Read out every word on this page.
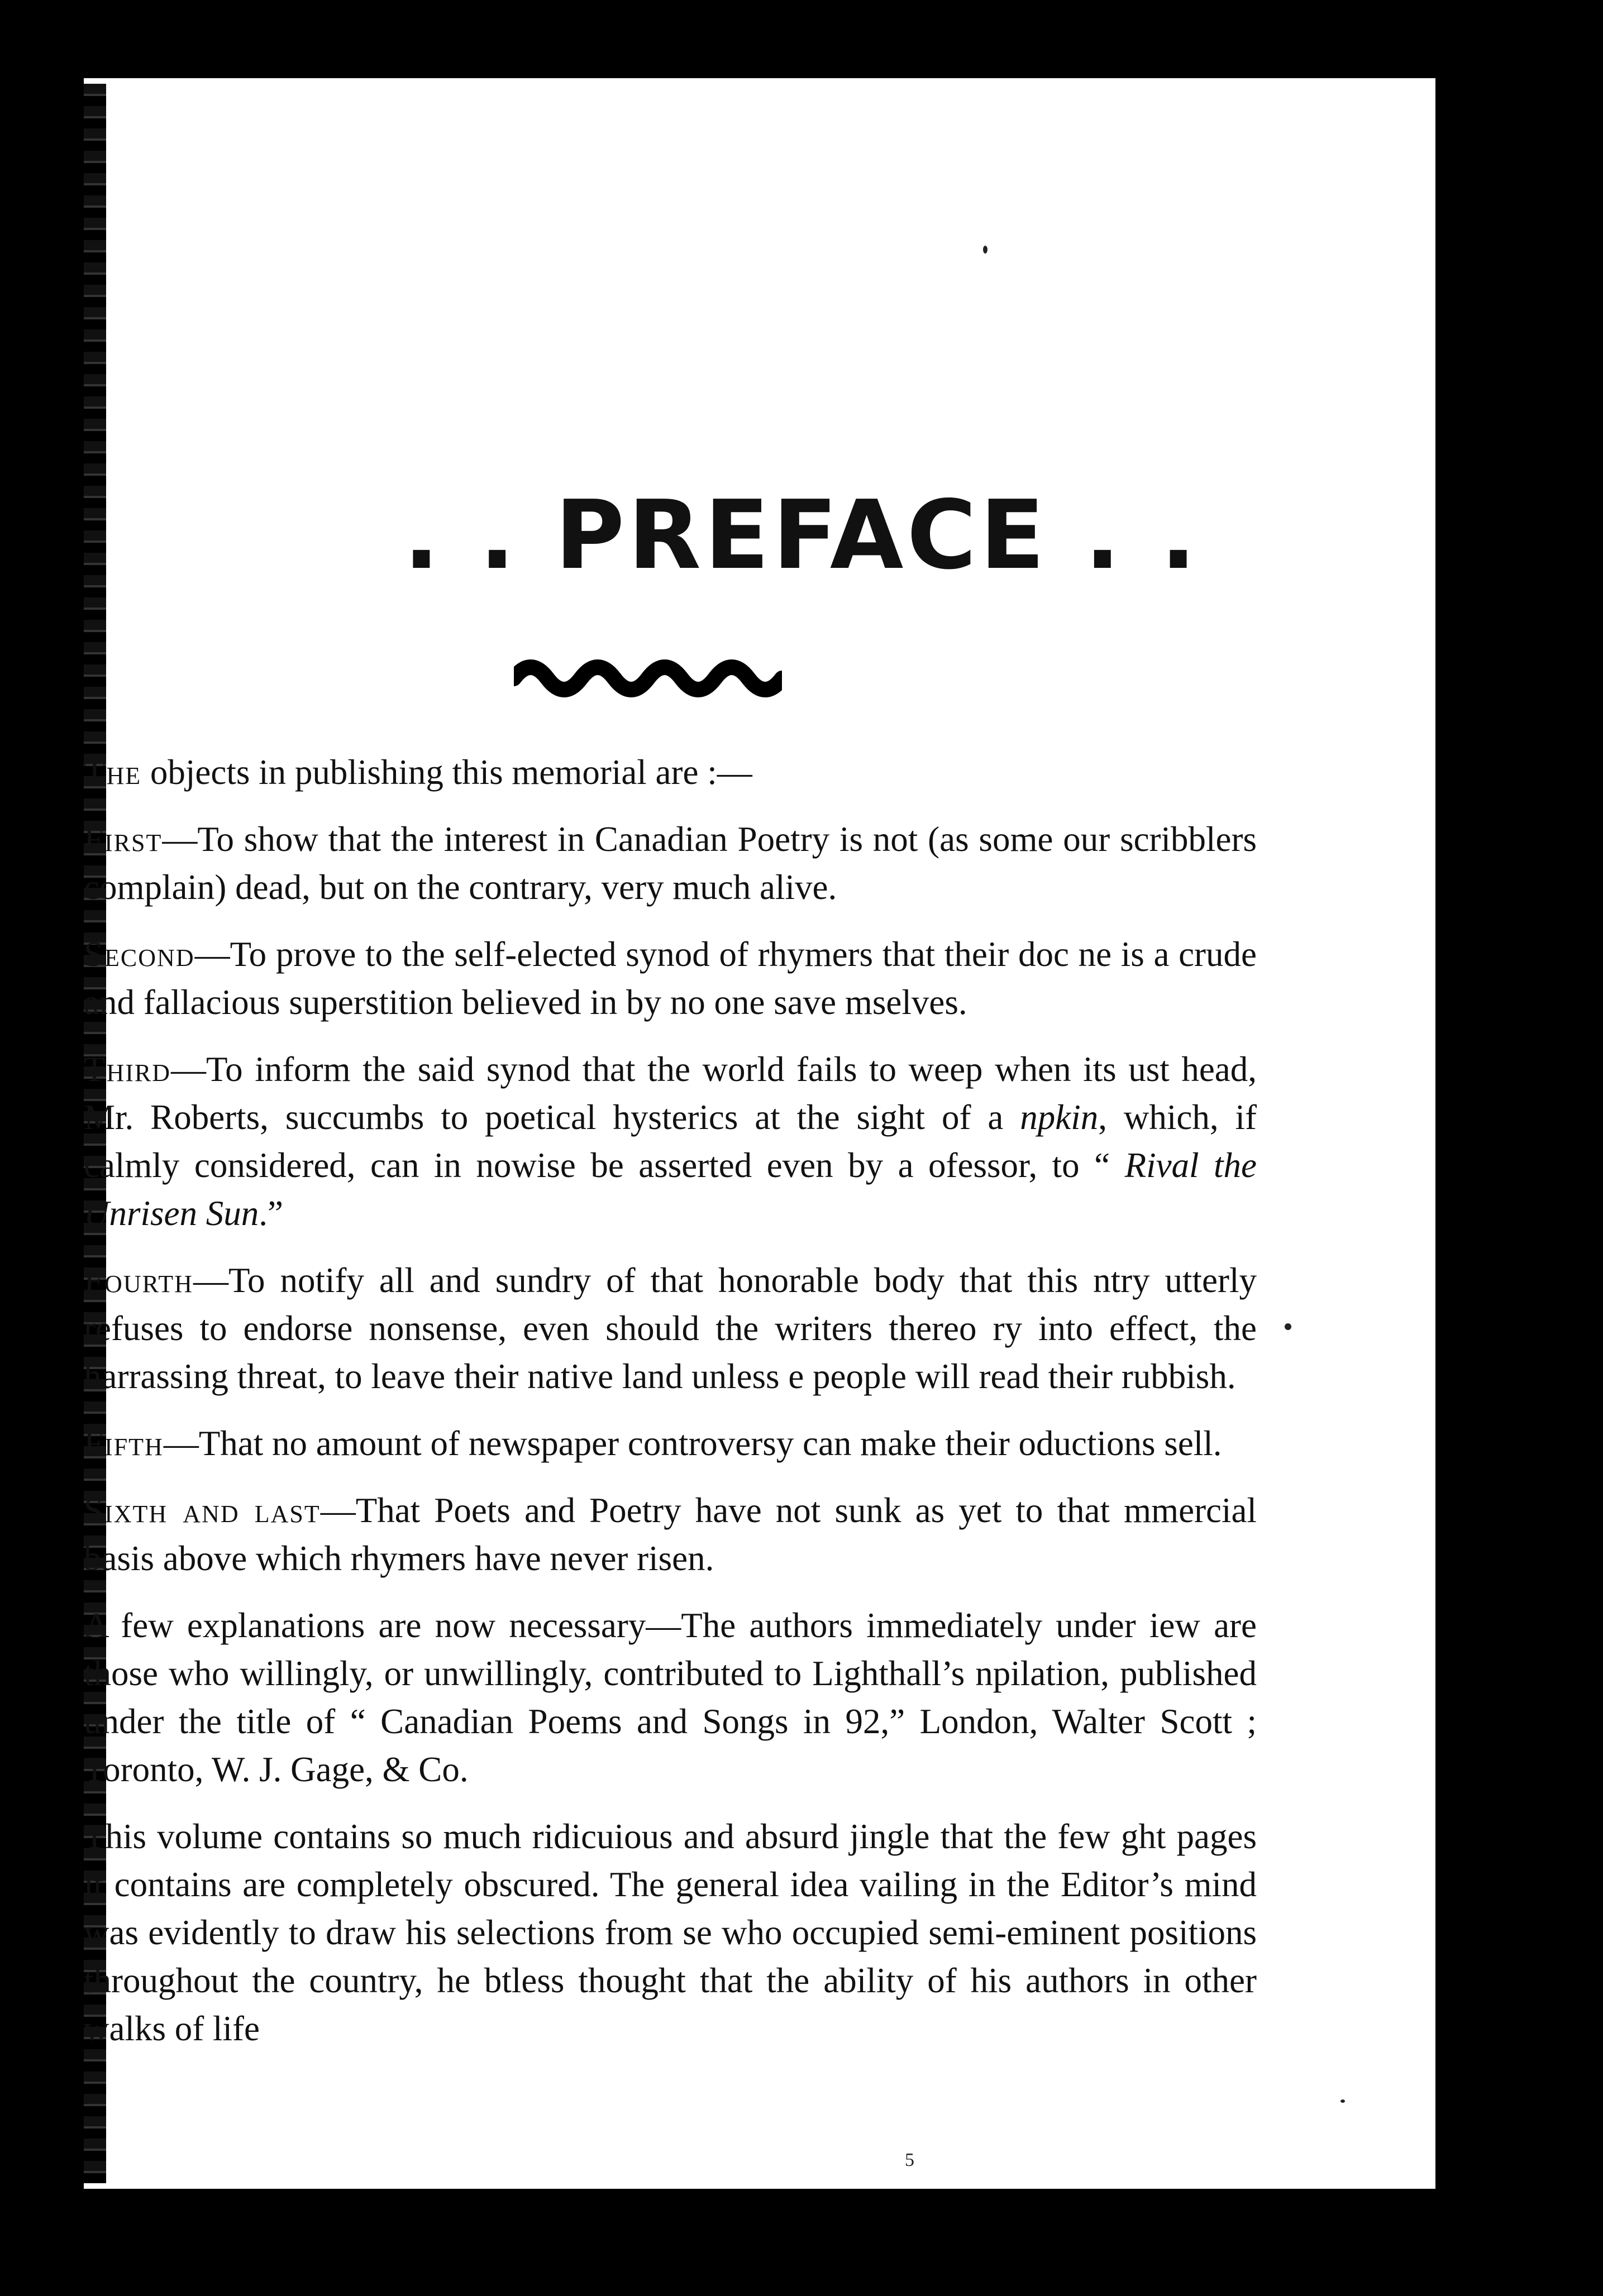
. . PREFACE . .

The objects in publishing this memorial are :—

First—To show that the interest in Canadian Poetry is not (as some our scribblers complain) dead, but on the contrary, very much alive.

Second—To prove to the self-elected synod of rhymers that their doc ne is a crude and fallacious superstition believed in by no one save mselves.

Third—To inform the said synod that the world fails to weep when its ust head, Mr. Roberts, succumbs to poetical hysterics at the sight of a npkin, which, if calmly considered, can in nowise be asserted even by a ofessor, to “ Rival the Unrisen Sun.”

Fourth—To notify all and sundry of that honorable body that this ntry utterly refuses to endorse nonsense, even should the writers thereo ry into effect, the harrassing threat, to leave their native land unless e people will read their rubbish.

Fifth—That no amount of newspaper controversy can make their oductions sell.

Sixth and last—That Poets and Poetry have not sunk as yet to that mmercial basis above which rhymers have never risen.

A few explanations are now necessary—The authors immediately under iew are those who willingly, or unwillingly, contributed to Lighthall’s npilation, published under the title of “ Canadian Poems and Songs in 92,” London, Walter Scott ; Toronto, W. J. Gage, & Co.

This volume contains so much ridicuious and absurd jingle that the few ght pages it contains are completely obscured. The general idea vailing in the Editor’s mind was evidently to draw his selections from se who occupied semi-eminent positions throughout the country, he btless thought that the ability of his authors in other walks of life

5
